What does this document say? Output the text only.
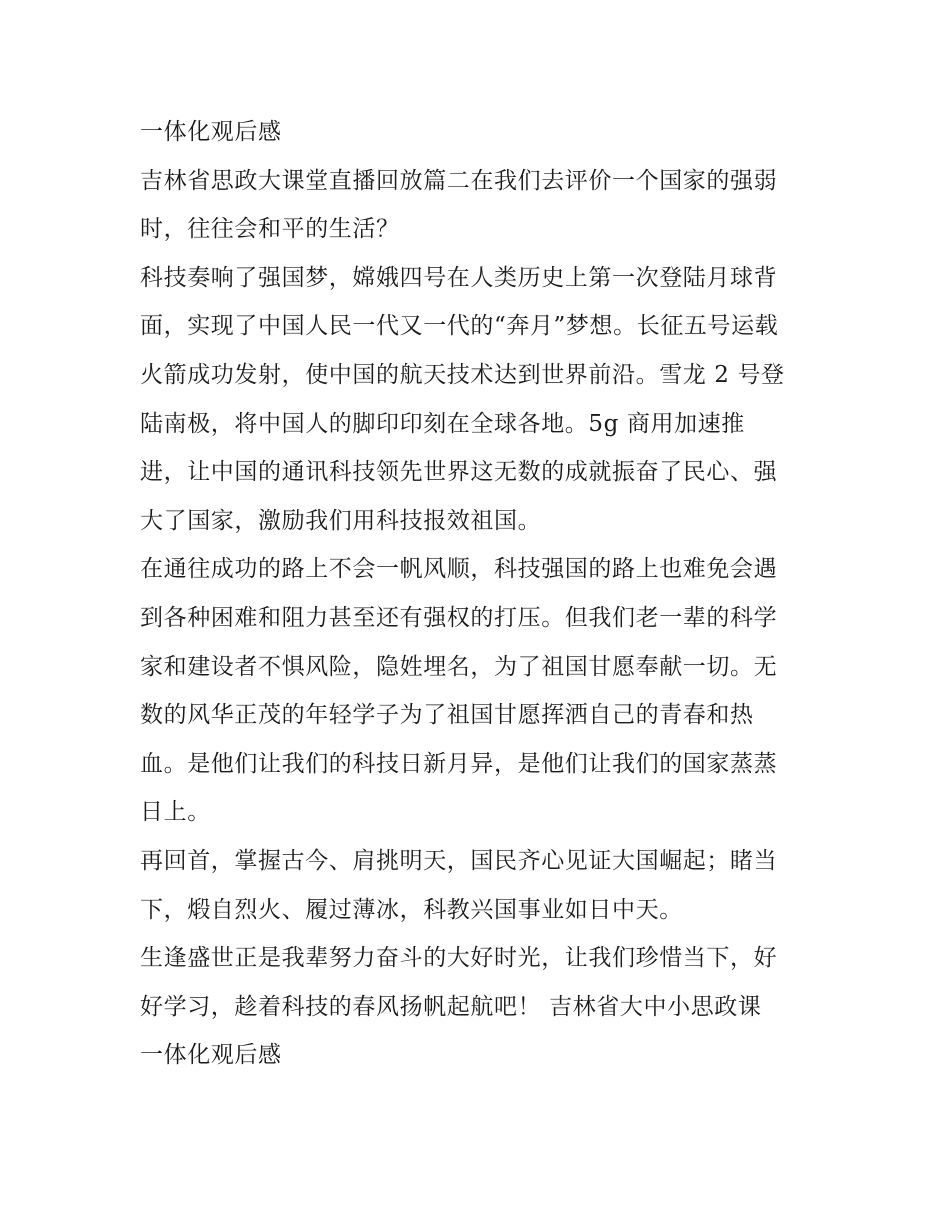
一体化观后感
吉林省思政大课堂直播回放篇二在我们去评价一个国家的强弱
时，往往会和平的生活？
科技奏响了强国梦，嫦娥四号在人类历史上第一次登陆月球背
面，实现了中国人民一代又一代的“奔月”梦想。长征五号运载
火箭成功发射，使中国的航天技术达到世界前沿。雪龙 2 号登
陆南极，将中国人的脚印印刻在全球各地。5g 商用加速推
进，让中国的通讯科技领先世界这无数的成就振奋了民心、强
大了国家，激励我们用科技报效祖国。
在通往成功的路上不会一帆风顺，科技强国的路上也难免会遇
到各种困难和阻力甚至还有强权的打压。但我们老一辈的科学
家和建设者不惧风险，隐姓埋名，为了祖国甘愿奉献一切。无
数的风华正茂的年轻学子为了祖国甘愿挥洒自己的青春和热
血。是他们让我们的科技日新月异，是他们让我们的国家蒸蒸
日上。
再回首，掌握古今、肩挑明天，国民齐心见证大国崛起；睹当
下，煅自烈火、履过薄冰，科教兴国事业如日中天。
生逢盛世正是我辈努力奋斗的大好时光，让我们珍惜当下，好
好学习，趁着科技的春风扬帆起航吧！ 吉林省大中小思政课
一体化观后感
